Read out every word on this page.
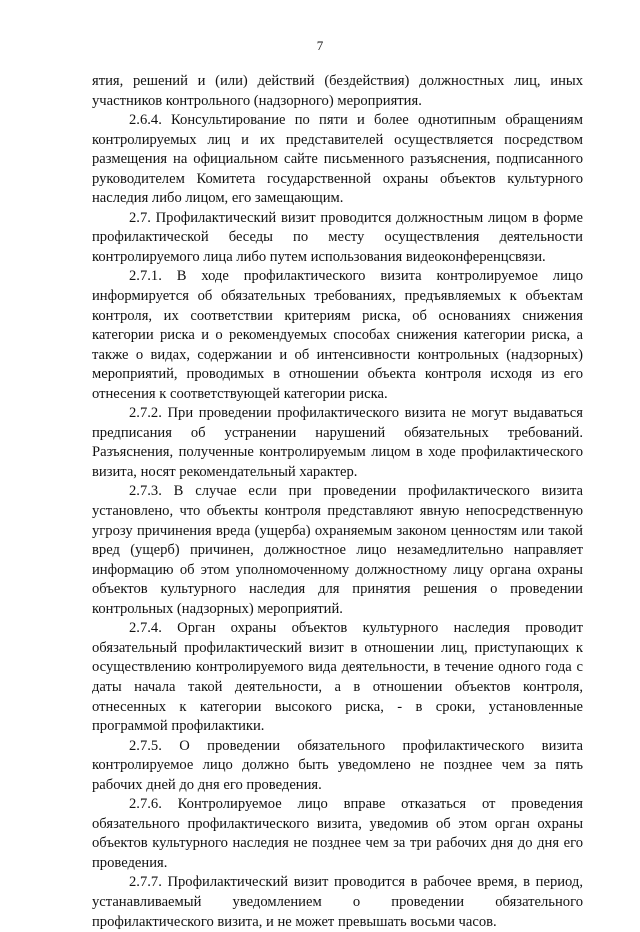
7

ятия, решений и (или) действий (бездействия) должностных лиц, иных участников контрольного (надзорного) мероприятия.

2.6.4. Консультирование по пяти и более однотипным обращениям контролируемых лиц и их представителей осуществляется посредством размещения на официальном сайте письменного разъяснения, подписанного руководителем Комитета государственной охраны объектов культурного наследия либо лицом, его замещающим.

2.7. Профилактический визит проводится должностным лицом в форме профилактической беседы по месту осуществления деятельности контролируемого лица либо путем использования видеоконференцсвязи.

2.7.1. В ходе профилактического визита контролируемое лицо информируется об обязательных требованиях, предъявляемых к объектам контроля, их соответствии критериям риска, об основаниях снижения категории риска и о рекомендуемых способах снижения категории риска, а также о видах, содержании и об интенсивности контрольных (надзорных) мероприятий, проводимых в отношении объекта контроля исходя из его отнесения к соответствующей категории риска.

2.7.2. При проведении профилактического визита не могут выдаваться предписания об устранении нарушений обязательных требований. Разъяснения, полученные контролируемым лицом в ходе профилактического визита, носят рекомендательный характер.

2.7.3. В случае если при проведении профилактического визита установлено, что объекты контроля представляют явную непосредственную угрозу причинения вреда (ущерба) охраняемым законом ценностям или такой вред (ущерб) причинен, должностное лицо незамедлительно направляет информацию об этом уполномоченному должностному лицу органа охраны объектов культурного наследия для принятия решения о проведении контрольных (надзорных) мероприятий.

2.7.4. Орган охраны объектов культурного наследия проводит обязательный профилактический визит в отношении лиц, приступающих к осуществлению контролируемого вида деятельности, в течение одного года с даты начала такой деятельности, а в отношении объектов контроля, отнесенных к категории высокого риска, - в сроки, установленные программой профилактики.

2.7.5. О проведении обязательного профилактического визита контролируемое лицо должно быть уведомлено не позднее чем за пять рабочих дней до дня его проведения.

2.7.6. Контролируемое лицо вправе отказаться от проведения обязательного профилактического визита, уведомив об этом орган охраны объектов культурного наследия не позднее чем за три рабочих дня до дня его проведения.

2.7.7. Профилактический визит проводится в рабочее время, в период, устанавливаемый уведомлением о проведении обязательного профилактического визита, и не может превышать восьми часов.
